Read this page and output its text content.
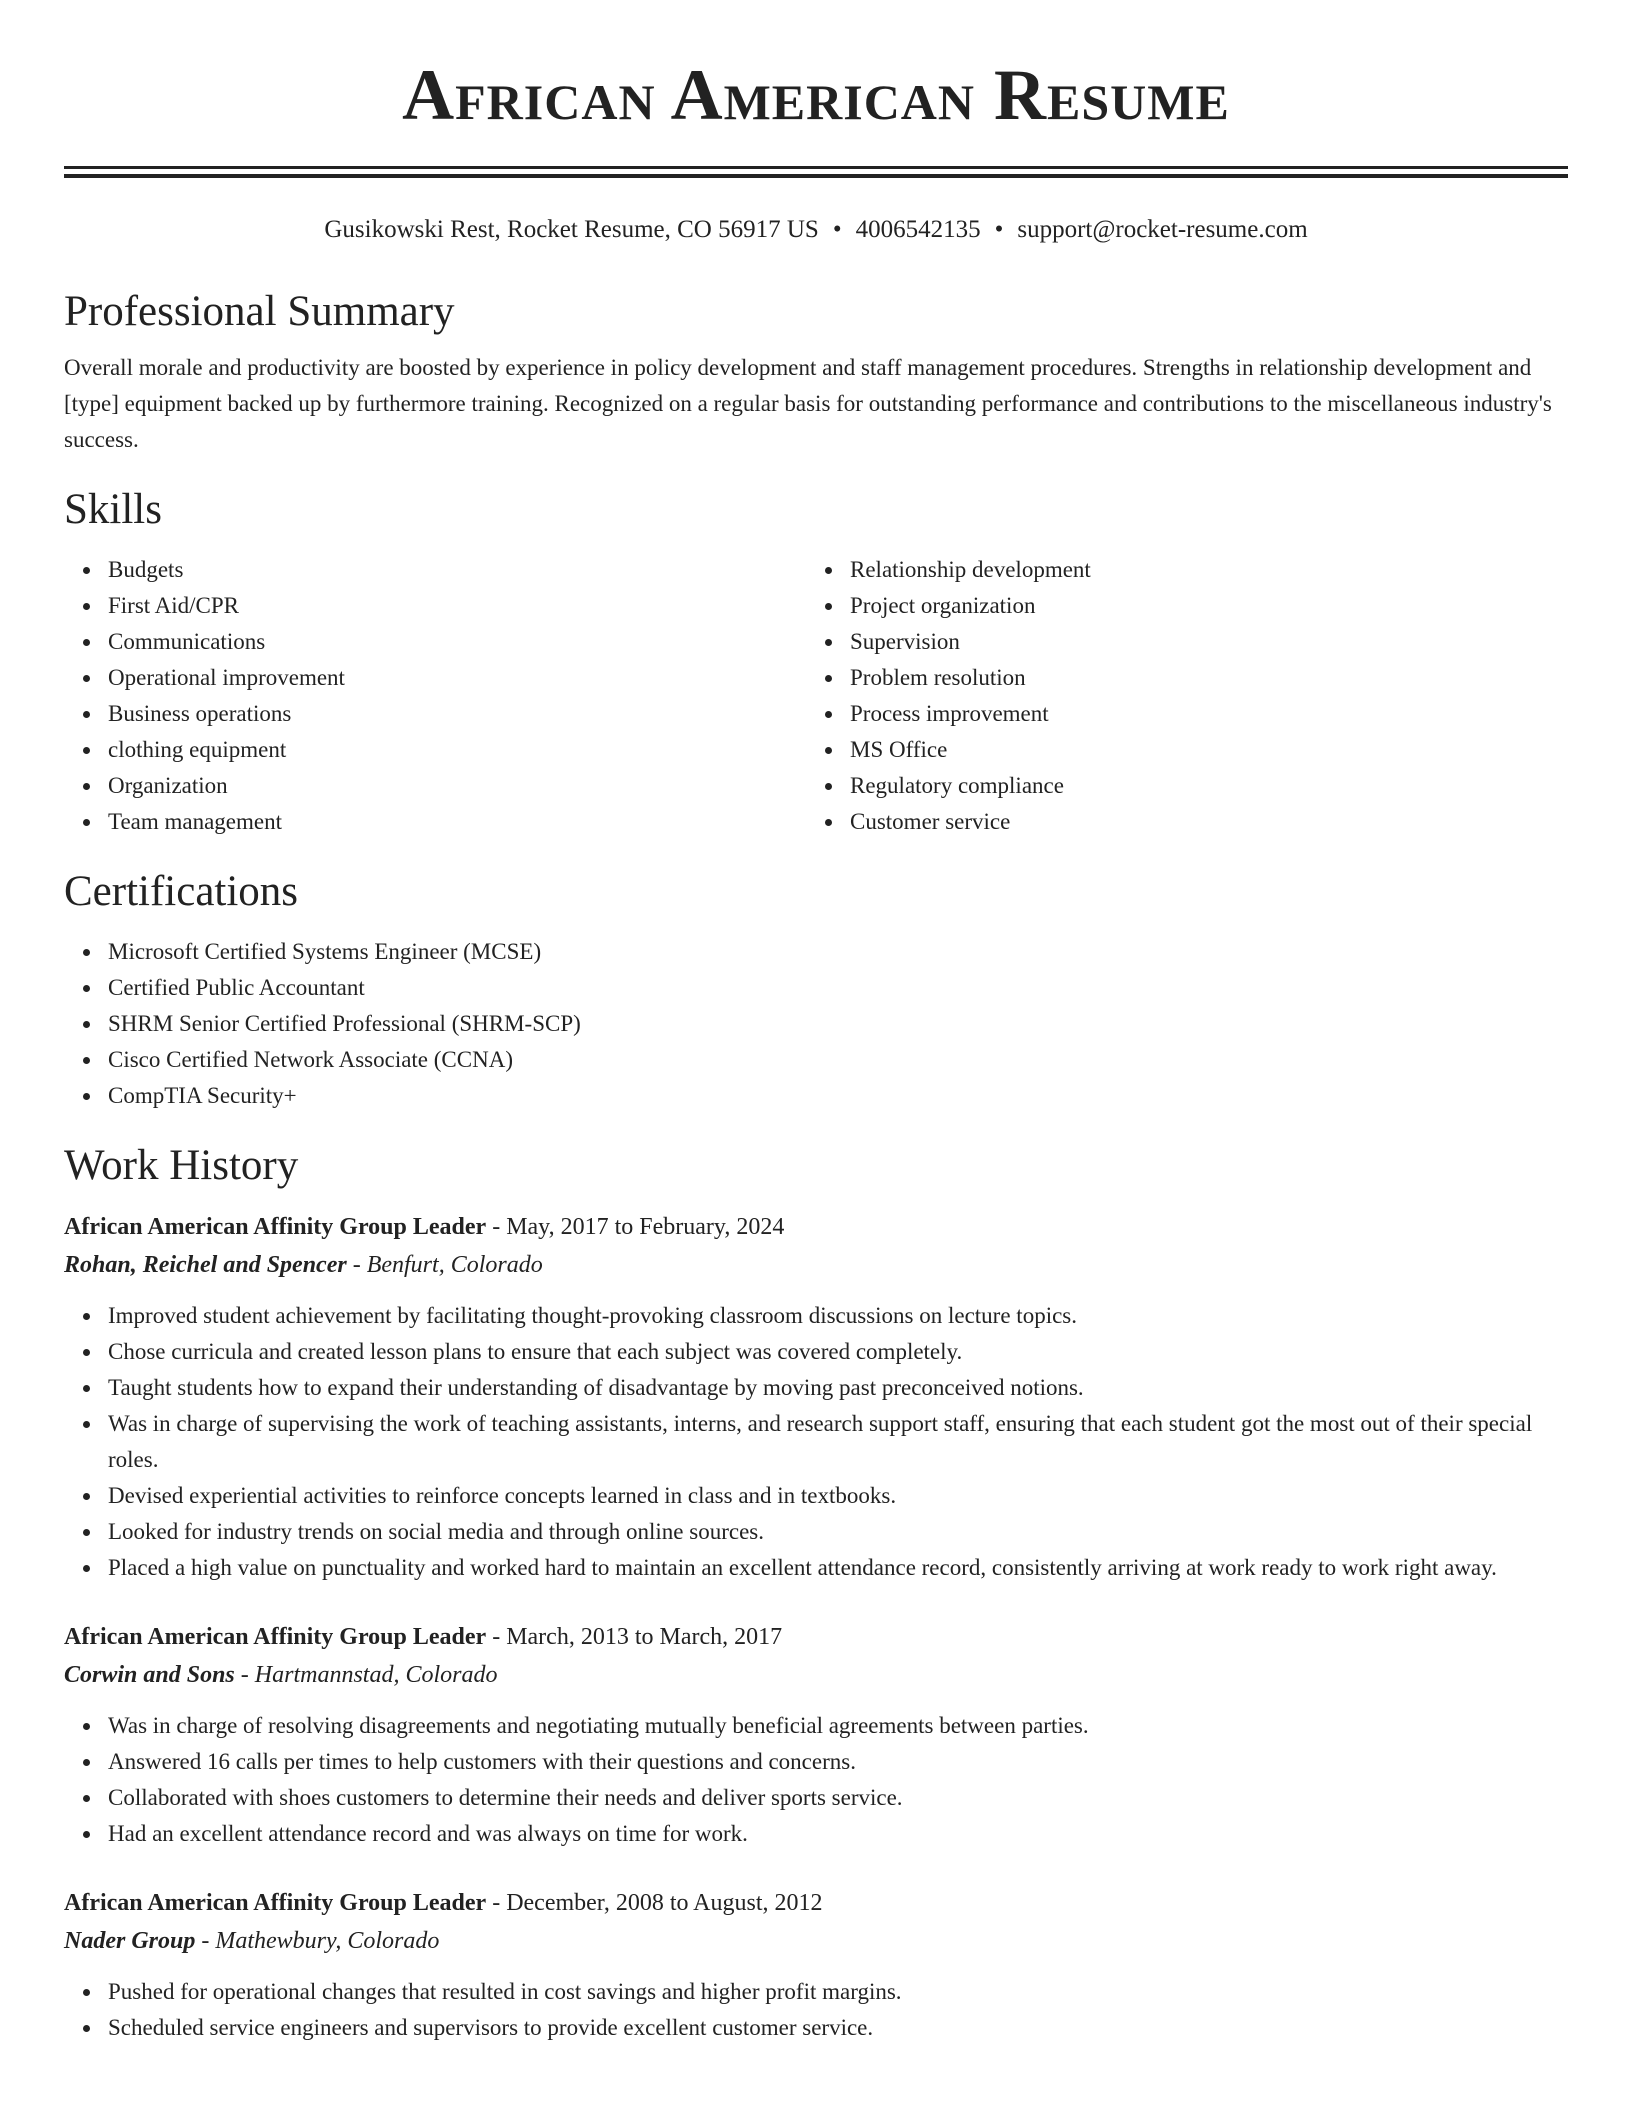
African American Resume
Gusikowski Rest, Rocket Resume, CO 56917 US • 4006542135 • support@rocket-resume.com
Professional Summary

Overall morale and productivity are boosted by experience in policy development and staff management procedures. Strengths in relationship development and [type] equipment backed up by furthermore training. Recognized on a regular basis for outstanding performance and contributions to the miscellaneous industry's success.

Skills
Budgets
First Aid/CPR
Communications
Operational improvement
Business operations
clothing equipment
Organization
Team management
Relationship development
Project organization
Supervision
Problem resolution
Process improvement
MS Office
Regulatory compliance
Customer service
Certifications
Microsoft Certified Systems Engineer (MCSE)
Certified Public Accountant
SHRM Senior Certified Professional (SHRM-SCP)
Cisco Certified Network Associate (CCNA)
CompTIA Security+
Work History
African American Affinity Group Leader - May, 2017 to February, 2024
Rohan, Reichel and Spencer - Benfurt, Colorado
Improved student achievement by facilitating thought-provoking classroom discussions on lecture topics.
Chose curricula and created lesson plans to ensure that each subject was covered completely.
Taught students how to expand their understanding of disadvantage by moving past preconceived notions.
Was in charge of supervising the work of teaching assistants, interns, and research support staff, ensuring that each student got the most out of their special roles.
Devised experiential activities to reinforce concepts learned in class and in textbooks.
Looked for industry trends on social media and through online sources.
Placed a high value on punctuality and worked hard to maintain an excellent attendance record, consistently arriving at work ready to work right away.
African American Affinity Group Leader - March, 2013 to March, 2017
Corwin and Sons - Hartmannstad, Colorado
Was in charge of resolving disagreements and negotiating mutually beneficial agreements between parties.
Answered 16 calls per times to help customers with their questions and concerns.
Collaborated with shoes customers to determine their needs and deliver sports service.
Had an excellent attendance record and was always on time for work.
African American Affinity Group Leader - December, 2008 to August, 2012
Nader Group - Mathewbury, Colorado
Pushed for operational changes that resulted in cost savings and higher profit margins.
Scheduled service engineers and supervisors to provide excellent customer service.
